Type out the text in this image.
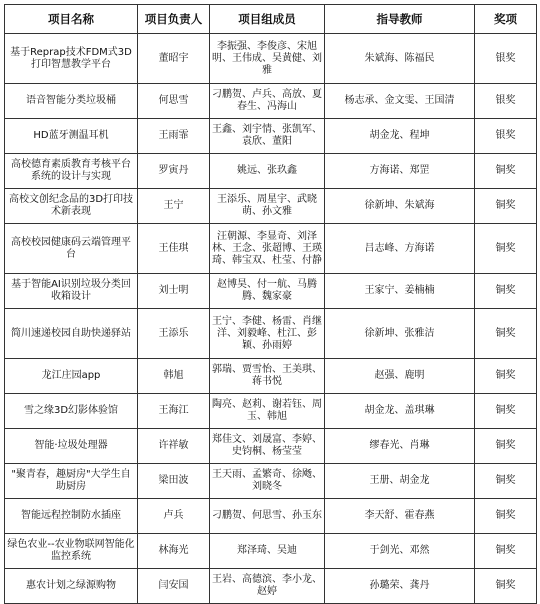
项目名称	项目负责人	项目组成员	指导教师	奖项
基于Reprap技术FDM式3D打印智慧教学平台	董昭宇	李振强、李俊彦、宋旭明、王伟成、吴黄健、刘雅	朱斌海、陈福民	银奖
语音智能分类垃圾桶	何思雪	刁鹏贺、卢兵、高放、夏春生、冯海山	杨志承、金文雯、王国清	银奖
HD蓝牙测温耳机	王雨霏	王鑫、刘宇情、张凯军、袁欣、董阳	胡金龙、程坤	银奖
高校德育素质教育考核平台系统的设计与实现	罗寅丹	姚远、张玖鑫	方海诺、郑罡	铜奖
高校文创纪念品的3D打印技术新表现	王宁	王添乐、周星宇、武晓萌、孙文雅	徐新坤、朱斌海	铜奖
高校校园健康码云端管理平台	王佳琪	汪朝源、李显奇、刘泽林、王念、张超博、王瑛琦、韩宝双、杜莹、付静	吕志峰、方海诺	铜奖
基于智能AI识别垃圾分类回收箱设计	刘士明	赵博昊、付一航、马腾腾、魏家豪	王家宁、姜楠楠	铜奖
简川速递校园自助快递驿站	王添乐	王宁、李健、杨雷、肖继洋、刘毅峰、杜江、彭颖、孙雨婷	徐新坤、张雅洁	铜奖
龙江庄园app	韩旭	郭瑞、贾雪怡、王美琪、蒋书悦	赵强、鹿明	铜奖
雪之缘3D幻影体验馆	王海江	陶亮、赵莉、谢若钰、周玉、韩旭	胡金龙、盖琪琳	铜奖
智能·垃圾处理器	许祥敏	郑佳文、刘晟富、李婷、史钧桐、杨莹莹	缪春光、肖琳	铜奖
"聚青春，趣厨房"大学生自助厨房	梁田波	王天雨、孟繁奇、徐飏、刘晓冬	王册、胡金龙	铜奖
智能远程控制防水插座	卢兵	刁鹏贺、何思雪、孙玉东	李天舒、霍春燕	铜奖
绿色农业--农业物联网智能化监控系统	林海光	郑泽琦、吴迪	于剑光、邓然	铜奖
惠农计划之绿源购物	闫安国	王岩、高德滨、李小龙、赵婷	孙璐荣、龚丹	铜奖
